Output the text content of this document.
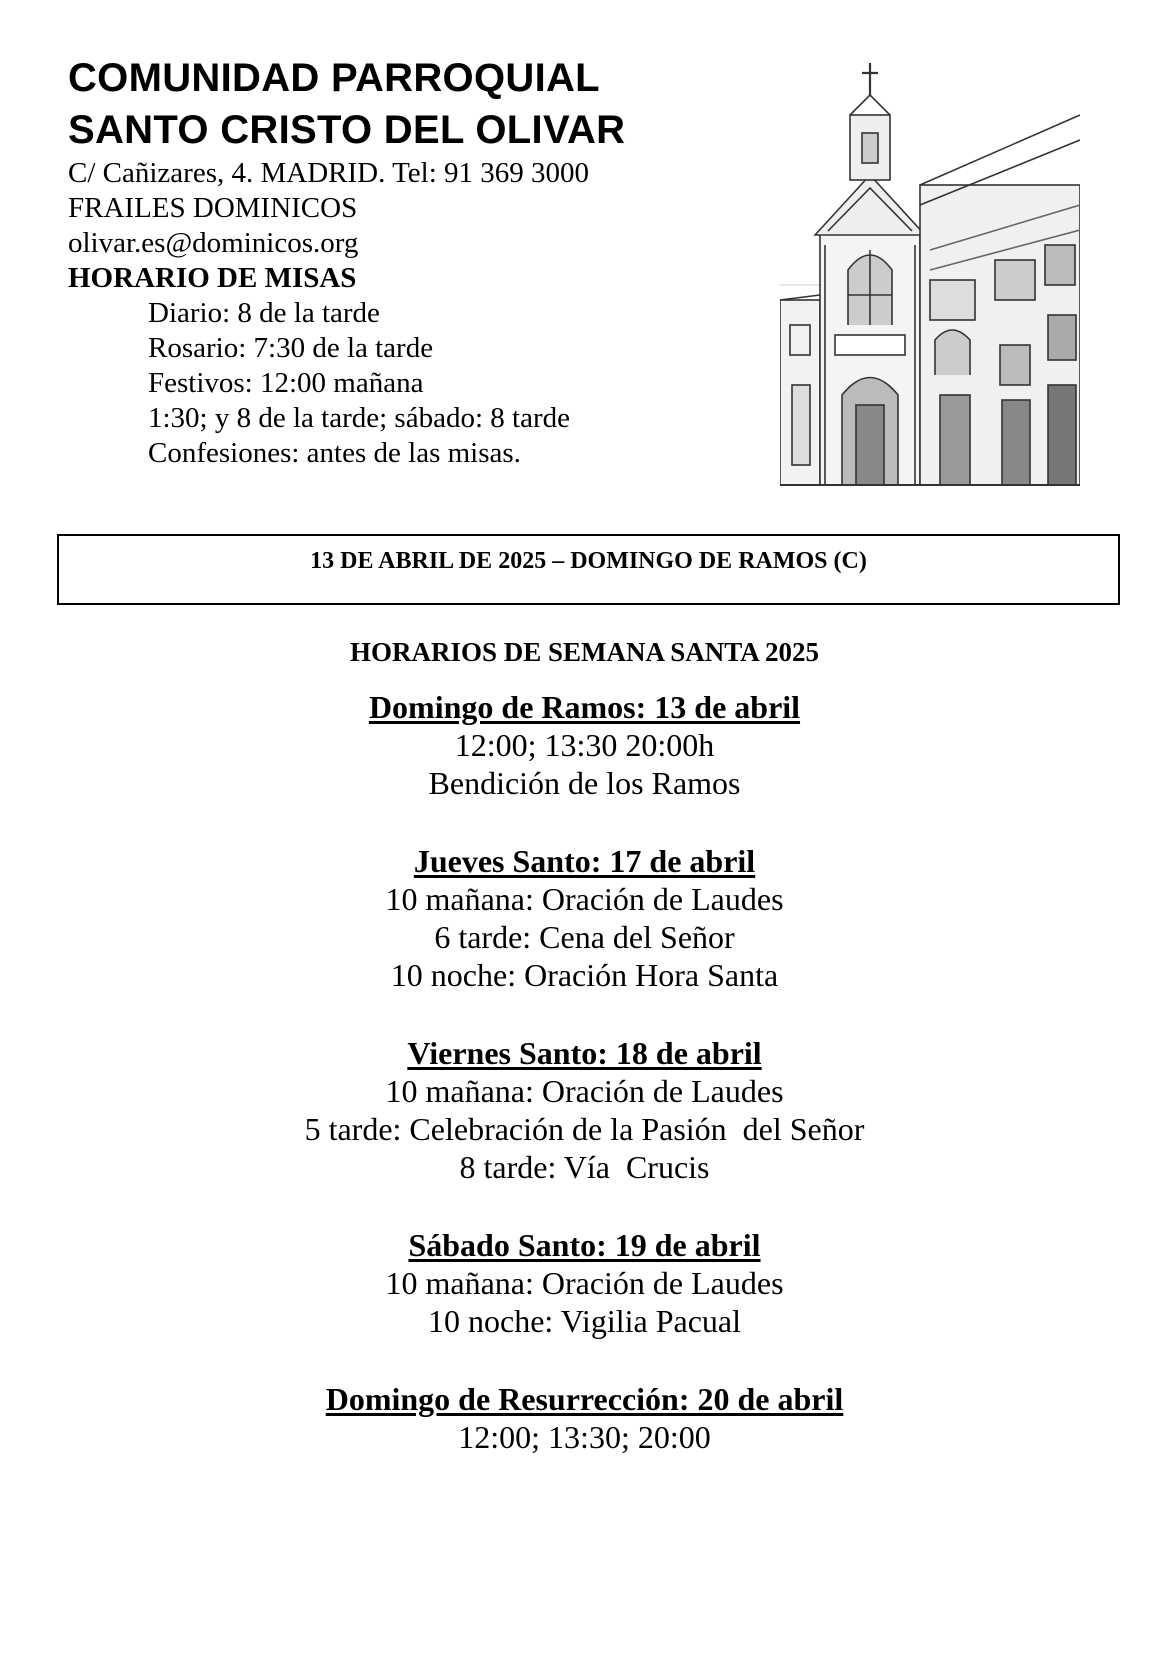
COMUNIDAD PARROQUIAL
SANTO CRISTO DEL OLIVAR
C/ Cañizares, 4. MADRID. Tel: 91 369 3000
FRAILES DOMINICOS
olivar.es@dominicos.org
HORARIO DE MISAS
Diario: 8 de la tarde
Rosario: 7:30 de la tarde
Festivos: 12:00 mañana
1:30; y 8 de la tarde; sábado: 8 tarde
Confesiones: antes de las misas.
13 DE ABRIL DE 2025 – DOMINGO DE RAMOS (C)
HORARIOS DE SEMANA SANTA 2025
Domingo de Ramos: 13 de abril
12:00; 13:30 20:00h
Bendición de los Ramos
Jueves Santo: 17 de abril
10 mañana: Oración de Laudes
6 tarde: Cena del Señor
10 noche: Oración Hora Santa
Viernes Santo: 18 de abril
10 mañana: Oración de Laudes
5 tarde: Celebración de la Pasión  del Señor
8 tarde: Vía  Crucis
Sábado Santo: 19 de abril
10 mañana: Oración de Laudes
10 noche: Vigilia Pacual
Domingo de Resurrección: 20 de abril
12:00; 13:30; 20:00
